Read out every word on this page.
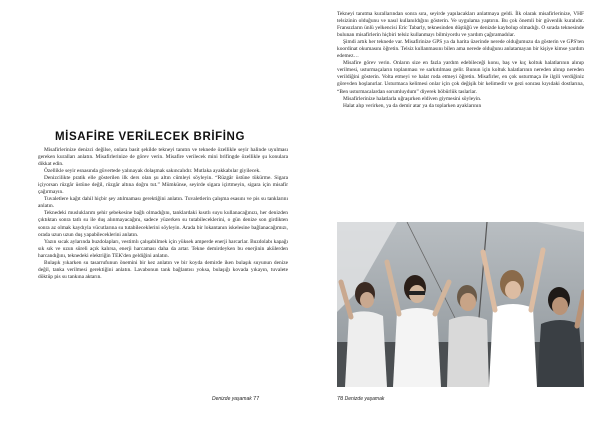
MİSAFİRE VERİLECEK BRİFİNG

Misafirlerinize denizci değilse, onlara basit şekilde tekneyi tanıtın ve teknede özellikle seyir halinde uyulması gereken kuralları anlatın. Misafirlerinize de görev verin. Misafire verilecek mini brifingde özellikle şu konulara dikkat edin.

Özellikle seyir esnasında güvertede yalınayak dolaşmak sakıncalıdır. Mutlaka ayakkabılar giyilecek.

Denizcilikte pratik elle gösterilen ilk ders olan şu altın cümleyi söyleyin. “Rüzgâr üstüne tükürme. Sigara içiyorsan rüzgâr üstüne değil, rüzgâr altına doğru tut.” Mümkünse, seyirde sigara içirtmeyin, sigara için misafir çağırmayın.

Tuvaletlere kağıt dahil hiçbir şey atılmaması gerektiğini anlatın. Tuvaletlerin çalışma esasını ve pis su tanklarını anlatın.

Teknedeki musluklarım şehir şebekesine bağlı olmadığını, tanklardaki kısıtlı suyu kullanacağınızı, her denizden çıktıktan sonra tatlı su ile duş alınmayacağını, sadece yüzerken su tutabileceklerini, o gün denize son girdikten sonra az olmak kaydıyla vücutlarına su tutabileceklerini söyleyin. Arada bir lokantanın iskelesine bağlanacağımızı, orada uzun uzun duş yapabileceklerini anlatın.

Yazın sıcak aylarında buzdolapları, vestimlı çalışabilmek için yüksek amperde enerji harcarlar. Buzdolabı kapağı sık sık ve uzun süreli açık kalırsa, enerji harcaması daha da artar. Tekne demirdeyken bu enerjinin akülerden harcandığını, teknedeki elektriğin TEK'den geldiğini anlatın.

Bulaşık yıkarken su tasarrufunun önemini bir kez anlatın ve bir koyda demirde iken bulaşık suyunun denize değil, tanka verilmesi gerektiğini anlatın. Lavabonun tank bağlantısı yoksa, bulaşığı kovada yıkayın, tuvalete döktüp pis su tankına aktarın.

Denizde yaşamak 77

Tekneyi tanıtma kurallarından sonra sıra, seyirde yapılacakları anlatmaya geldi. İlk olarak misafirlerinize, VHF telsizinin olduğunu ve nasıl kullanıldığını gösterin. Ve uygulama yaptırın. Bu çok önemli bir güvenlik kuralıdır. Fransızların ünlü yelkencisi Eric Tabarly, teknesinden düştüğü ve denizde kaybolup olmadığı. O sırada teknesinde bulunan misafirlerin hiçbiri telsiz kullanmayı bilmiyordu ve yardım çağıramadılar.

Şimdi artık her teknede var. Misafirinize GPS ya da harita üzerinde nerede olduğumuzu da gösterin ve GPS'ten koordinat okumasını öğretin. Telsiz kullanmasını bilen ama nerede olduğunu anlatamayan bir kişiye kimse yardım edemez…

Misafire görev verin. Onların size en fazla yardım edebileceği konu, baş ve kıç koltuk halatlarının alınıp verilmesi, usturmaçaların toplanması ve sarkıtılması gelir. Bunun için koltuk halatlarının nereden alınıp nereden verildiğini gösterin. Volta etmeyi ve halat roda etmeyi öğretin. Misafirler, en çok usturmaça ile ilgili verdiğiniz görevden hoşlanırlar. Usturmaca kelimesi onlar için çok değişik bir kelimedir ve gezi sonrası kıyıdaki dostlarına, “Ben usturmacalardan sorumluydum” diyerek böbürlük taslarlar.

Misafirlerinize halatlarla uğraşırken eldiven giymesini söyleyin.

Halat alıp verirken, ya da demir atar ya da toplarken ayaklarının

78 Denizde yaşamak
